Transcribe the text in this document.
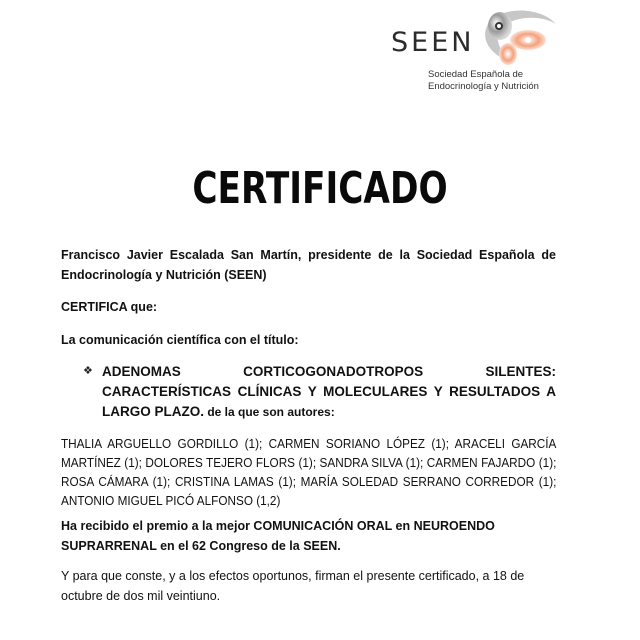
SEEN
Sociedad Española de
Endocrinología y Nutrición
CERTIFICADO
Francisco Javier Escalada San Martín, presidente de la Sociedad Española de Endocrinología y Nutrición (SEEN)
CERTIFICA que:
La comunicación científica con el título:
❖ ADENOMAS CORTICOGONADOTROPOS SILENTES: CARACTERÍSTICAS CLÍNICAS Y MOLECULARES Y RESULTADOS A LARGO PLAZO. de la que son autores:
THALIA ARGUELLO GORDILLO (1); CARMEN SORIANO LÓPEZ (1); ARACELI GARCÍA MARTÍNEZ (1); DOLORES TEJERO FLORS (1); SANDRA SILVA (1); CARMEN FAJARDO (1); ROSA CÁMARA (1); CRISTINA LAMAS (1); MARÍA SOLEDAD SERRANO CORREDOR (1); ANTONIO MIGUEL PICÓ ALFONSO (1,2)
Ha recibido el premio a la mejor COMUNICACIÓN ORAL en NEUROENDO SUPRARRENAL en el 62 Congreso de la SEEN.
Y para que conste, y a los efectos oportunos, firman el presente certificado, a 18 de octubre de dos mil veintiuno.
